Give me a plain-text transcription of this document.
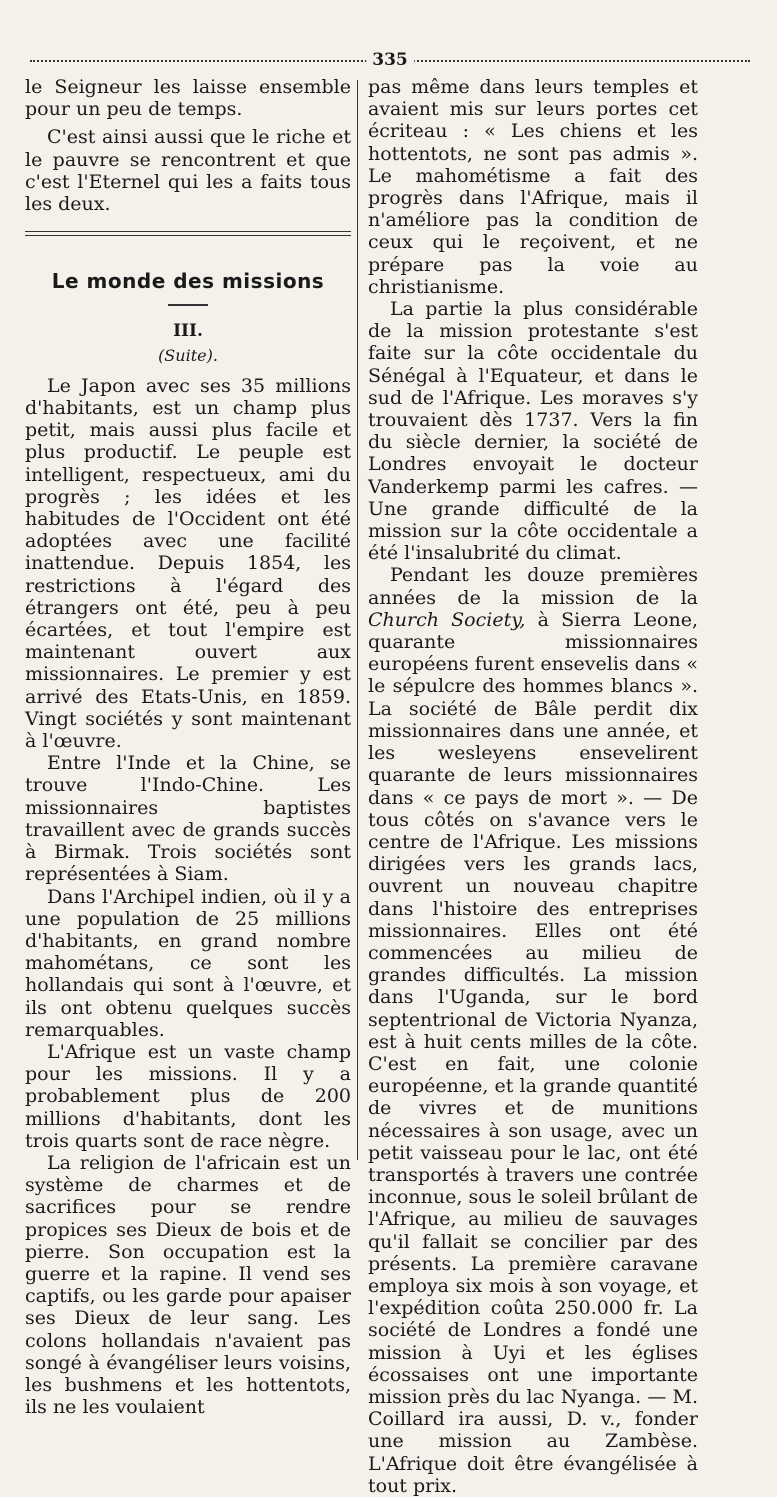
335

le Seigneur les laisse ensemble pour un peu de temps.

C'est ainsi aussi que le riche et le pauvre se rencontrent et que c'est l'Eternel qui les a faits tous les deux.

Le monde des missions
III.
(Suite).

Le Japon avec ses 35 millions d'habitants, est un champ plus petit, mais aussi plus facile et plus productif. Le peuple est intelligent, respectueux, ami du progrès ; les idées et les habitudes de l'Occident ont été adoptées avec une facilité inattendue. Depuis 1854, les restrictions à l'égard des étrangers ont été, peu à peu écartées, et tout l'empire est maintenant ouvert aux missionnaires. Le premier y est arrivé des Etats-Unis, en 1859. Vingt sociétés y sont maintenant à l'œuvre.

Entre l'Inde et la Chine, se trouve l'Indo-Chine. Les missionnaires baptistes travaillent avec de grands succès à Birmak. Trois sociétés sont représentées à Siam.

Dans l'Archipel indien, où il y a une population de 25 millions d'habitants, en grand nombre mahométans, ce sont les hollandais qui sont à l'œuvre, et ils ont obtenu quelques succès remarquables.

L'Afrique est un vaste champ pour les missions. Il y a probablement plus de 200 millions d'habitants, dont les trois quarts sont de race nègre.

La religion de l'africain est un système de charmes et de sacrifices pour se rendre propices ses Dieux de bois et de pierre. Son occupation est la guerre et la rapine. Il vend ses captifs, ou les garde pour apaiser ses Dieux de leur sang. Les colons hollandais n'avaient pas songé à évangéliser leurs voisins, les bushmens et les hottentots, ils ne les voulaient

pas même dans leurs temples et avaient mis sur leurs portes cet écriteau : « Les chiens et les hottentots, ne sont pas admis ». Le mahométisme a fait des progrès dans l'Afrique, mais il n'améliore pas la condition de ceux qui le reçoivent, et ne prépare pas la voie au christianisme.

La partie la plus considérable de la mission protestante s'est faite sur la côte occidentale du Sénégal à l'Equateur, et dans le sud de l'Afrique. Les moraves s'y trouvaient dès 1737. Vers la fin du siècle dernier, la société de Londres envoyait le docteur Vanderkemp parmi les cafres. — Une grande difficulté de la mission sur la côte occidentale a été l'insalubrité du climat.

Pendant les douze premières années de la mission de la Church Society, à Sierra Leone, quarante missionnaires européens furent ensevelis dans « le sépulcre des hommes blancs ». La société de Bâle perdit dix missionnaires dans une année, et les wesleyens ensevelirent quarante de leurs missionnaires dans « ce pays de mort ». — De tous côtés on s'avance vers le centre de l'Afrique. Les missions dirigées vers les grands lacs, ouvrent un nouveau chapitre dans l'histoire des entreprises missionnaires. Elles ont été commencées au milieu de grandes difficultés. La mission dans l'Uganda, sur le bord septentrional de Victoria Nyanza, est à huit cents milles de la côte. C'est en fait, une colonie européenne, et la grande quantité de vivres et de munitions nécessaires à son usage, avec un petit vaisseau pour le lac, ont été transportés à travers une contrée inconnue, sous le soleil brûlant de l'Afrique, au milieu de sauvages qu'il fallait se concilier par des présents. La première caravane employa six mois à son voyage, et l'expédition coûta 250.000 fr. La société de Londres a fondé une mission à Uyi et les églises écossaises ont une importante mission près du lac Nyanga. — M. Coillard ira aussi, D. v., fonder une mission au Zambèse. L'Afrique doit être évangélisée à tout prix.
